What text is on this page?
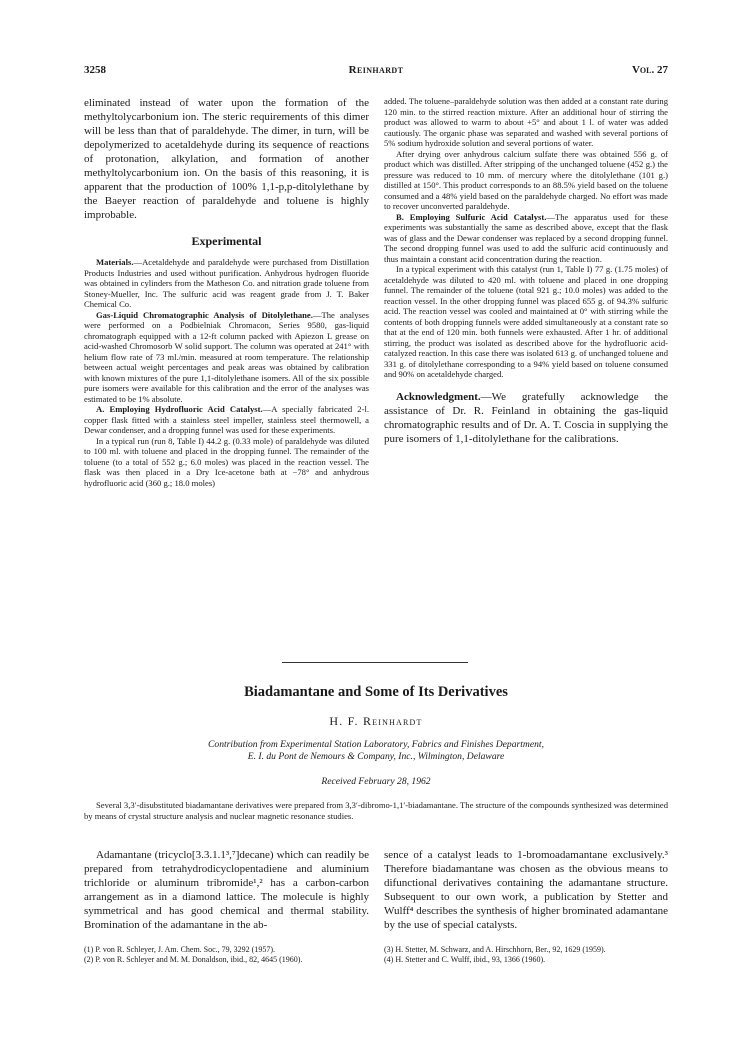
3258	Reinhardt	Vol. 27

eliminated instead of water upon the formation of the methyltolycarbonium ion. The steric requirements of this dimer will be less than that of paraldehyde. The dimer, in turn, will be depolymerized to acetaldehyde during its sequence of reactions of protonation, alkylation, and formation of another methyltolycarbonium ion. On the basis of this reasoning, it is apparent that the production of 100% 1,1-p,p-ditolylethane by the Baeyer reaction of paraldehyde and toluene is highly improbable.

Experimental

Materials.—Acetaldehyde and paraldehyde were purchased from Distillation Products Industries and used without purification. Anhydrous hydrogen fluoride was obtained in cylinders from the Matheson Co. and nitration grade toluene from Stoney-Mueller, Inc. The sulfuric acid was reagent grade from J. T. Baker Chemical Co.

Gas-Liquid Chromatographic Analysis of Ditolylethane.—The analyses were performed on a Podbielniak Chromacon, Series 9580, gas-liquid chromatograph equipped with a 12-ft column packed with Apiezon L grease on acid-washed Chromosorb W solid support. The column was operated at 241° with helium flow rate of 73 ml./min. measured at room temperature. The relationship between actual weight percentages and peak areas was obtained by calibration with known mixtures of the pure 1,1-ditolylethane isomers. All of the six possible pure isomers were available for this calibration and the error of the analyses was estimated to be 1% absolute.

A. Employing Hydrofluoric Acid Catalyst.—A specially fabricated 2-l. copper flask fitted with a stainless steel impeller, stainless steel thermowell, a Dewar condenser, and a dropping funnel was used for these experiments.

In a typical run (run 8, Table I) 44.2 g. (0.33 mole) of paraldehyde was diluted to 100 ml. with toluene and placed in the dropping funnel. The remainder of the toluene (to a total of 552 g.; 6.0 moles) was placed in the reaction vessel. The flask was then placed in a Dry Ice-acetone bath at −78° and anhydrous hydrofluoric acid (360 g.; 18.0 moles)

added. The toluene–paraldehyde solution was then added at a constant rate during 120 min. to the stirred reaction mixture. After an additional hour of stirring the product was allowed to warm to about +5° and about 1 l. of water was added cautiously. The organic phase was separated and washed with several portions of 5% sodium hydroxide solution and several portions of water.

After drying over anhydrous calcium sulfate there was obtained 556 g. of product which was distilled. After stripping of the unchanged toluene (452 g.) the pressure was reduced to 10 mm. of mercury where the ditolylethane (101 g.) distilled at 150°. This product corresponds to an 88.5% yield based on the toluene consumed and a 48% yield based on the paraldehyde charged. No effort was made to recover unconverted paraldehyde.

B. Employing Sulfuric Acid Catalyst.—The apparatus used for these experiments was substantially the same as described above, except that the flask was of glass and the Dewar condenser was replaced by a second dropping funnel. The second dropping funnel was used to add the sulfuric acid continuously and thus maintain a constant acid concentration during the reaction.

In a typical experiment with this catalyst (run 1, Table I) 77 g. (1.75 moles) of acetaldehyde was diluted to 420 ml. with toluene and placed in one dropping funnel. The remainder of the toluene (total 921 g.; 10.0 moles) was added to the reaction vessel. In the other dropping funnel was placed 655 g. of 94.3% sulfuric acid. The reaction vessel was cooled and maintained at 0° with stirring while the contents of both dropping funnels were added simultaneously at a constant rate so that at the end of 120 min. both funnels were exhausted. After 1 hr. of additional stirring, the product was isolated as described above for the hydrofluoric acid-catalyzed reaction. In this case there was isolated 613 g. of unchanged toluene and 331 g. of ditolylethane corresponding to a 94% yield based on toluene consumed and 90% on acetaldehyde charged.

Acknowledgment.—We gratefully acknowledge the assistance of Dr. R. Feinland in obtaining the gas-liquid chromatographic results and of Dr. A. T. Coscia in supplying the pure isomers of 1,1-ditolylethane for the calibrations.

Biadamantane and Some of Its Derivatives
H. F. Reinhardt
Contribution from Experimental Station Laboratory, Fabrics and Finishes Department,
E. I. du Pont de Nemours & Company, Inc., Wilmington, Delaware
Received February 28, 1962

Several 3,3′-disubstituted biadamantane derivatives were prepared from 3,3′-dibromo-1,1′-biadamantane. The structure of the compounds synthesized was determined by means of crystal structure analysis and nuclear magnetic resonance studies.

Adamantane (tricyclo[3.3.1.1³,⁷]decane) which can readily be prepared from tetrahydrodicyclopentadiene and aluminium trichloride or aluminum tribromide¹,² has a carbon-carbon arrangement as in a diamond lattice. The molecule is highly symmetrical and has good chemical and thermal stability. Bromination of the adamantane in the ab-

sence of a catalyst leads to 1-bromoadamantane exclusively.³ Therefore biadamantane was chosen as the obvious means to difunctional derivatives containing the adamantane structure. Subsequent to our own work, a publication by Stetter and Wulff⁴ describes the synthesis of higher brominated adamantane by the use of special catalysts.

(1) P. von R. Schleyer, J. Am. Chem. Soc., 79, 3292 (1957).

(2) P. von R. Schleyer and M. M. Donaldson, ibid., 82, 4645 (1960).

(3) H. Stetter, M. Schwarz, and A. Hirschhorn, Ber., 92, 1629 (1959).

(4) H. Stetter and C. Wulff, ibid., 93, 1366 (1960).
